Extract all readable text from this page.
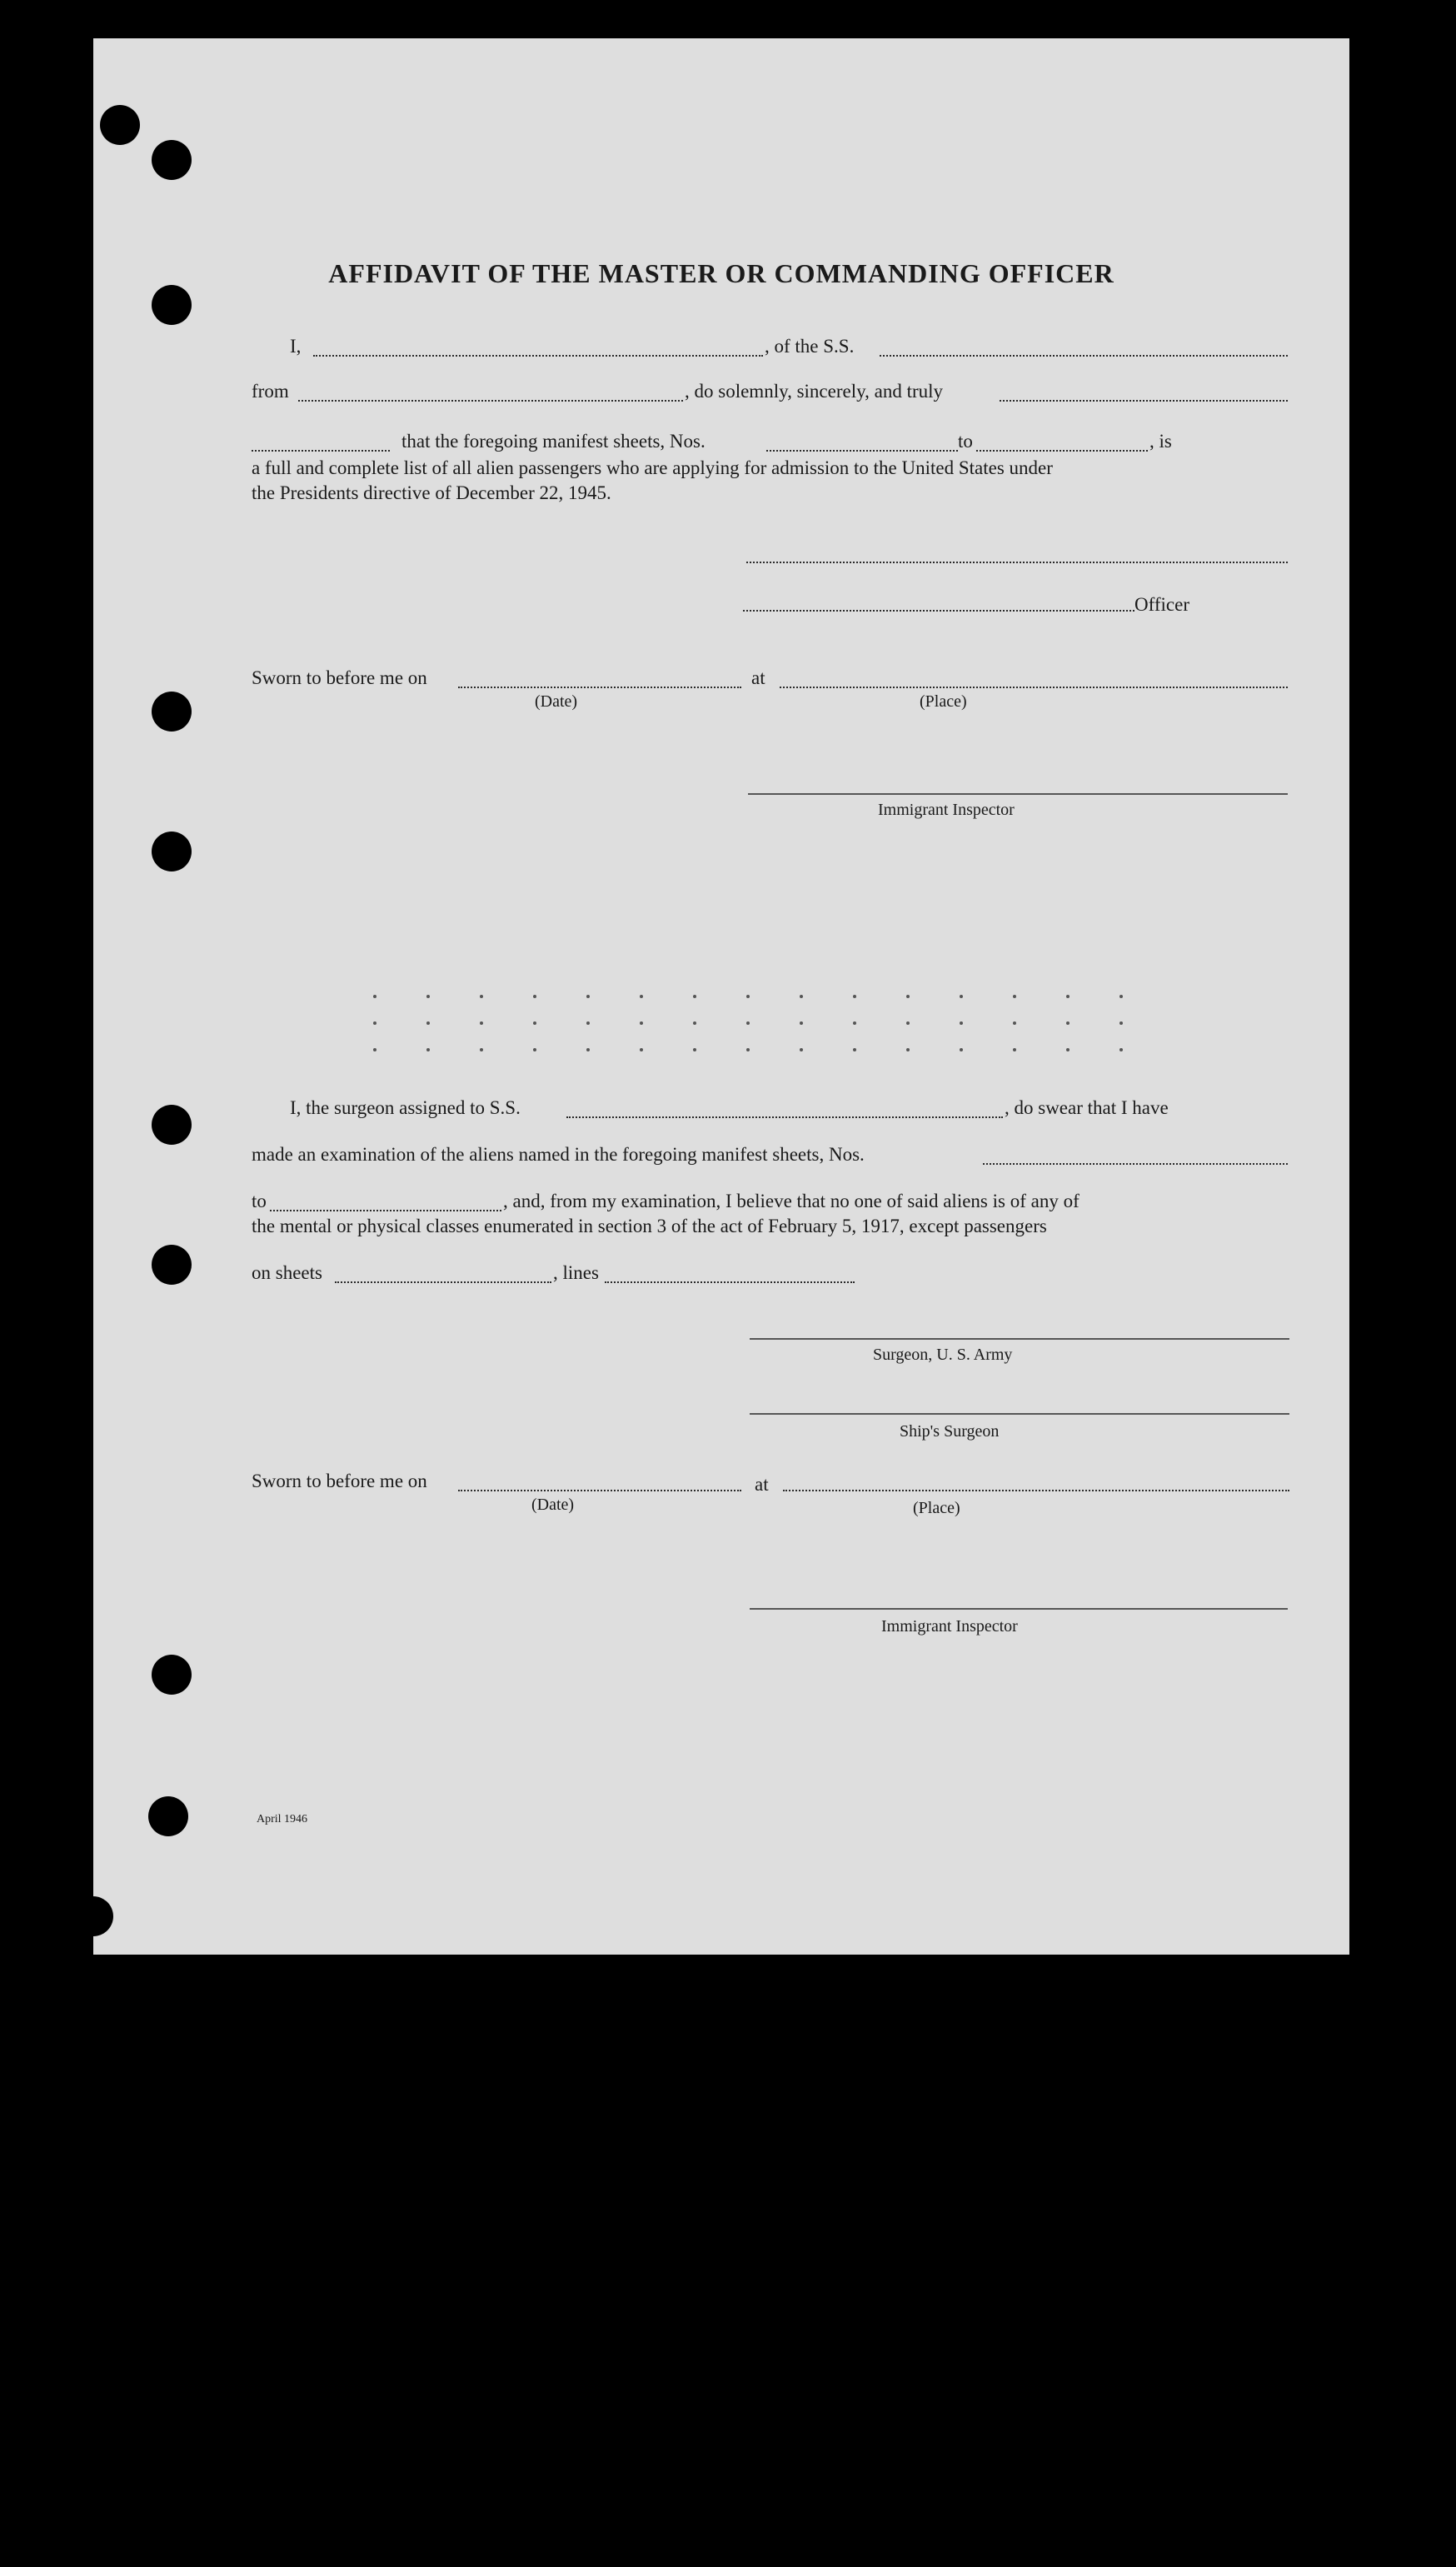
AFFIDAVIT OF THE MASTER OR COMMANDING OFFICER
I,	, of the S.S.
from	, do solemnly, sincerely, and truly
that the foregoing manifest sheets, Nos.	to	, is

a full and complete list of all alien passengers who are applying for admission to the United States under

the Presidents directive of December 22, 1945.

Officer
Sworn to before me on	at
(Date)	(Place)
Immigrant Inspector
I, the surgeon assigned to S.S.	, do swear that I have
made an examination of the aliens named in the foregoing manifest sheets, Nos.
to	, and, from my examination, I believe that no one of said aliens is of any of

the mental or physical classes enumerated in section 3 of the act of February 5, 1917, except passengers

on sheets	, lines
Surgeon, U. S. Army
Ship's Surgeon
Sworn to before me on	at
(Date)	(Place)
Immigrant Inspector
April 1946
